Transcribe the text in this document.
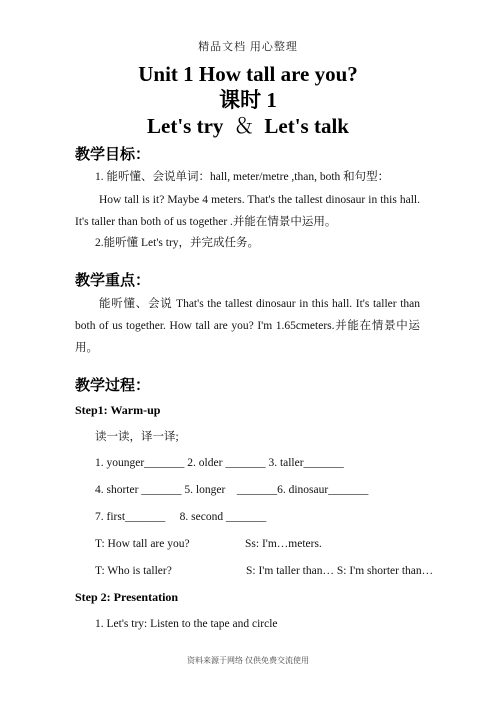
精品文档 用心整理
Unit 1 How tall are you?
课时 1
Let's try ＆ Let's talk
教学目标：
1. 能听懂、会说单词：hall, meter/metre ,than, both 和句型：
How tall is it? Maybe 4 meters. That's the tallest dinosaur in this hall. It's taller than both of us together .并能在情景中运用。
2.能听懂 Let's try，并完成任务。
教学重点：
能听懂、会说 That's the tallest dinosaur in this hall. It's taller than both of us together. How tall are you? I'm 1.65cmeters.并能在情景中运用。
教学过程：
Step1: Warm-up
读一读，译一译;
1. younger_______ 2. older _______ 3. taller_______
4. shorter _______ 5. longer    _______6. dinosaur_______
7. first_______     8. second _______
T: How tall are you?	Ss: I'm…meters.
T: Who is taller?	S: I'm taller than… S: I'm shorter than…
Step 2: Presentation
1. Let's try: Listen to the tape and circle
资料来源于网络 仅供免费交流使用
